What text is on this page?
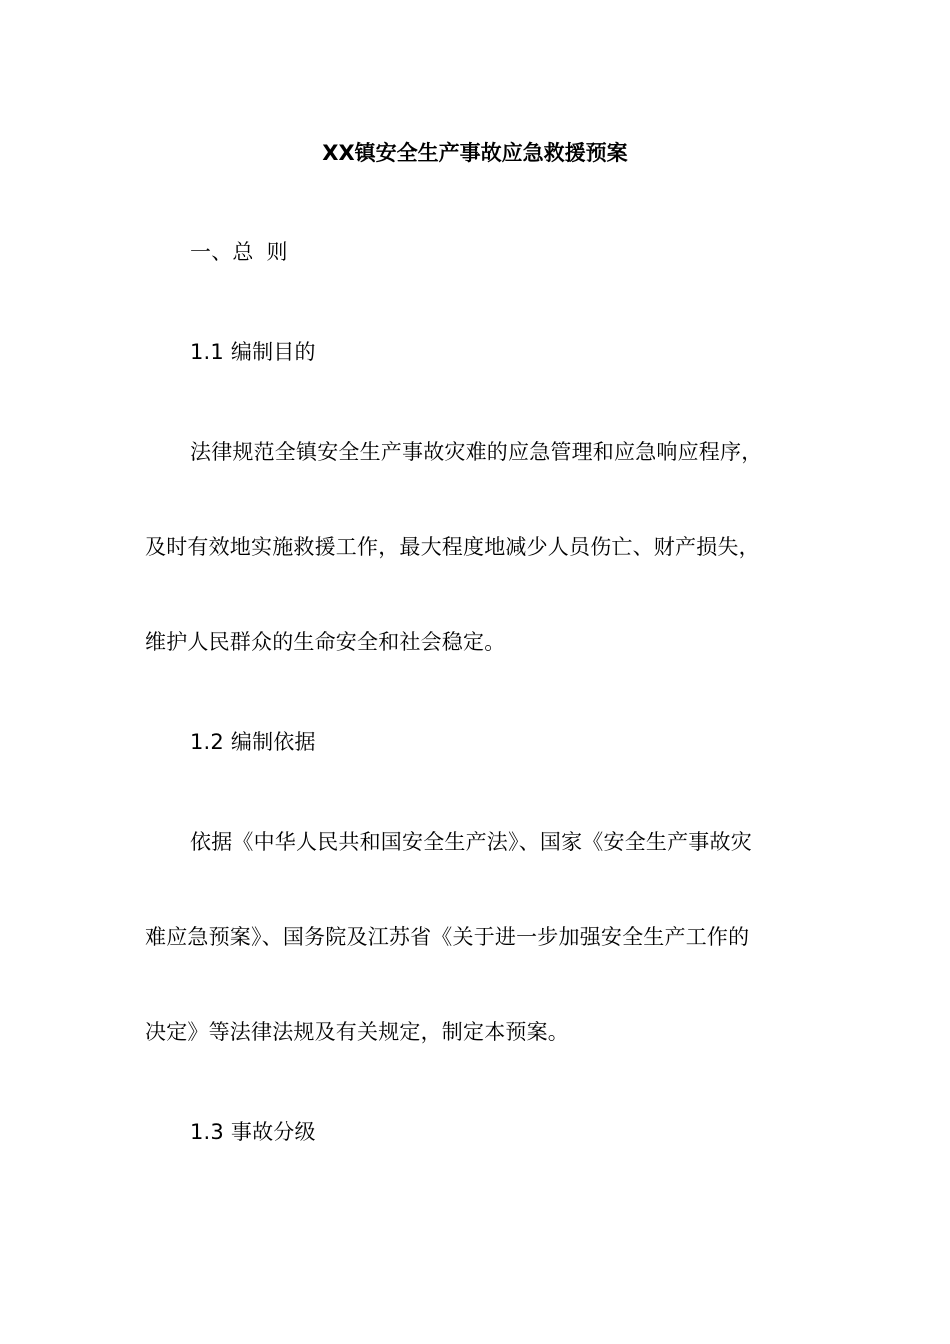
XX镇安全生产事故应急救援预案
一、总 则
1.1 编制目的
法律规范全镇安全生产事故灾难的应急管理和应急响应程序，
及时有效地实施救援工作，最大程度地减少人员伤亡、财产损失，
维护人民群众的生命安全和社会稳定。
1.2 编制依据
依据《中华人民共和国安全生产法》、国家《安全生产事故灾
难应急预案》、国务院及江苏省《关于进一步加强安全生产工作的
决定》等法律法规及有关规定，制定本预案。
1.3 事故分级
